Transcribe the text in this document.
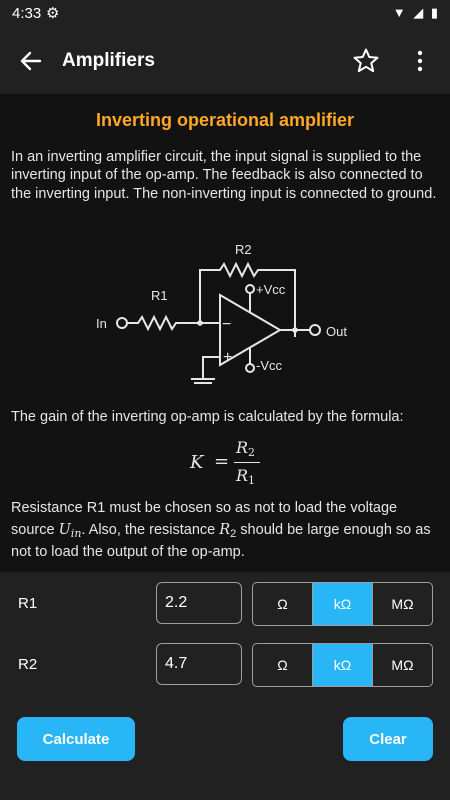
4:33 ⚙	▼ ◢ ▮
Amplifiers
Inverting operational amplifier
In an inverting amplifier circuit, the input signal is supplied to the inverting input of the op-amp. The feedback is also connected to the inverting input. The non-inverting input is connected to ground.
R2
R1
In
Out
+Vcc
-Vcc
−
+
The gain of the inverting op-amp is calculated by the formula:
K =
R2
R1
Resistance R1 must be chosen so as not to load the voltage source $U_{in}$. Also, the resistance $R_2$ should be large enough so as not to load the output of the op-amp.
R1
2.2	Ω	kΩ	MΩ
R2
4.7	Ω	kΩ	MΩ
Calculate	Clear
